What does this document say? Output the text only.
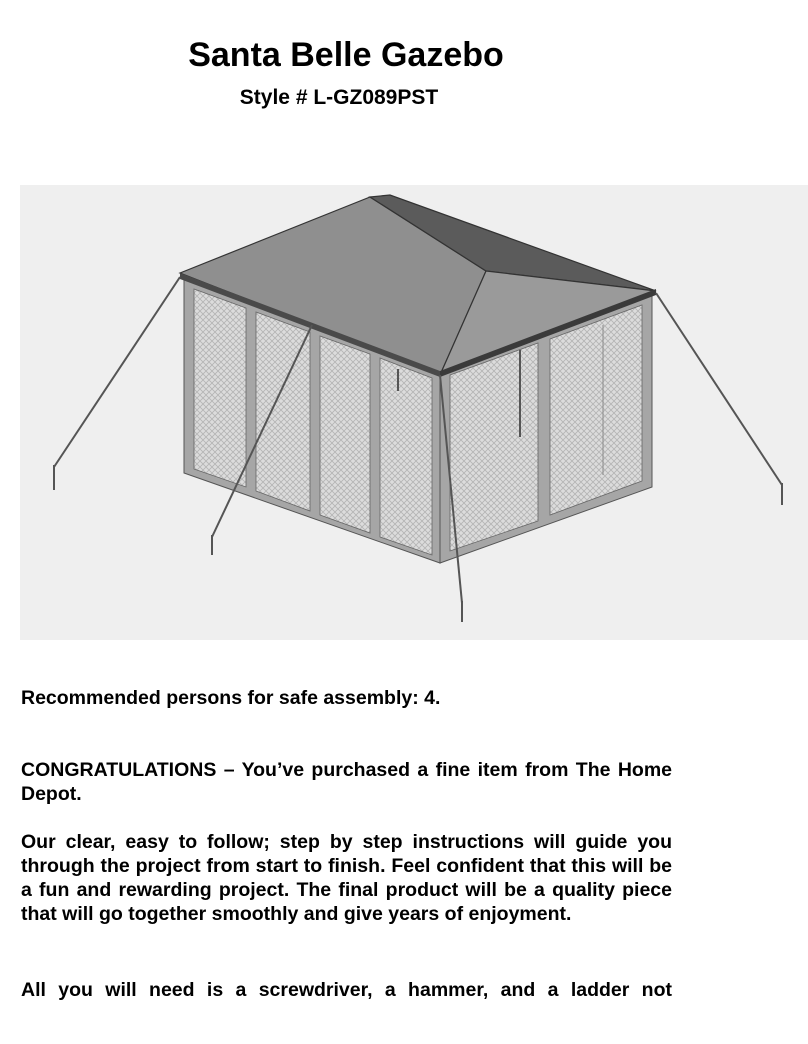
Santa Belle Gazebo
Style # L-GZ089PST

Recommended persons for safe assembly: 4.

CONGRATULATIONS – You’ve purchased a fine item from The Home Depot.

Our clear, easy to follow; step by step instructions will guide you through the project from start to finish. Feel confident that this will be a fun and rewarding project. The final product will be a quality piece that will go together smoothly and give years of enjoyment.

All you will need is a screwdriver, a hammer, and a ladder not
